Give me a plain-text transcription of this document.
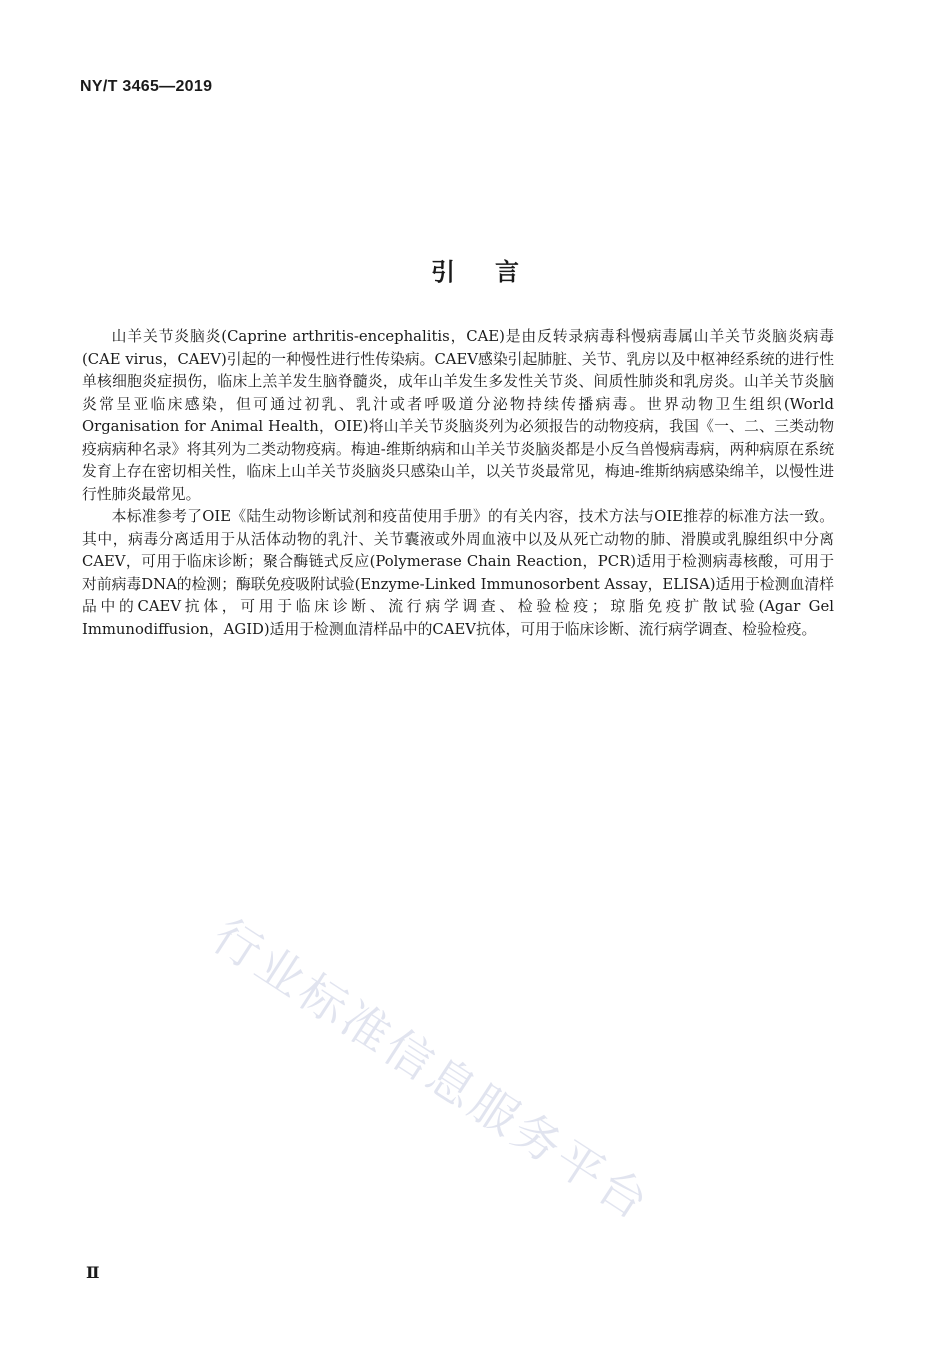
NY/T 3465—2019
引言

山羊关节炎脑炎(Caprine arthritis-encephalitis，CAE)是由反转录病毒科慢病毒属山羊关节炎脑炎病毒(CAE virus，CAEV)引起的一种慢性进行性传染病。CAEV感染引起肺脏、关节、乳房以及中枢神经系统的进行性单核细胞炎症损伤，临床上羔羊发生脑脊髓炎，成年山羊发生多发性关节炎、间质性肺炎和乳房炎。山羊关节炎脑炎常呈亚临床感染，但可通过初乳、乳汁或者呼吸道分泌物持续传播病毒。世界动物卫生组织(World Organisation for Animal Health，OIE)将山羊关节炎脑炎列为必须报告的动物疫病，我国《一、二、三类动物疫病病种名录》将其列为二类动物疫病。梅迪-维斯纳病和山羊关节炎脑炎都是小反刍兽慢病毒病，两种病原在系统发育上存在密切相关性，临床上山羊关节炎脑炎只感染山羊，以关节炎最常见，梅迪-维斯纳病感染绵羊，以慢性进行性肺炎最常见。

本标准参考了OIE《陆生动物诊断试剂和疫苗使用手册》的有关内容，技术方法与OIE推荐的标准方法一致。其中，病毒分离适用于从活体动物的乳汁、关节囊液或外周血液中以及从死亡动物的肺、滑膜或乳腺组织中分离CAEV，可用于临床诊断；聚合酶链式反应(Polymerase Chain Reaction，PCR)适用于检测病毒核酸，可用于对前病毒DNA的检测；酶联免疫吸附试验(Enzyme-Linked Immunosorbent Assay，ELISA)适用于检测血清样品中的CAEV抗体，可用于临床诊断、流行病学调查、检验检疫；琼脂免疫扩散试验(Agar Gel Immunodiffusion，AGID)适用于检测血清样品中的CAEV抗体，可用于临床诊断、流行病学调查、检验检疫。

行业标准信息服务平台
Ⅱ
